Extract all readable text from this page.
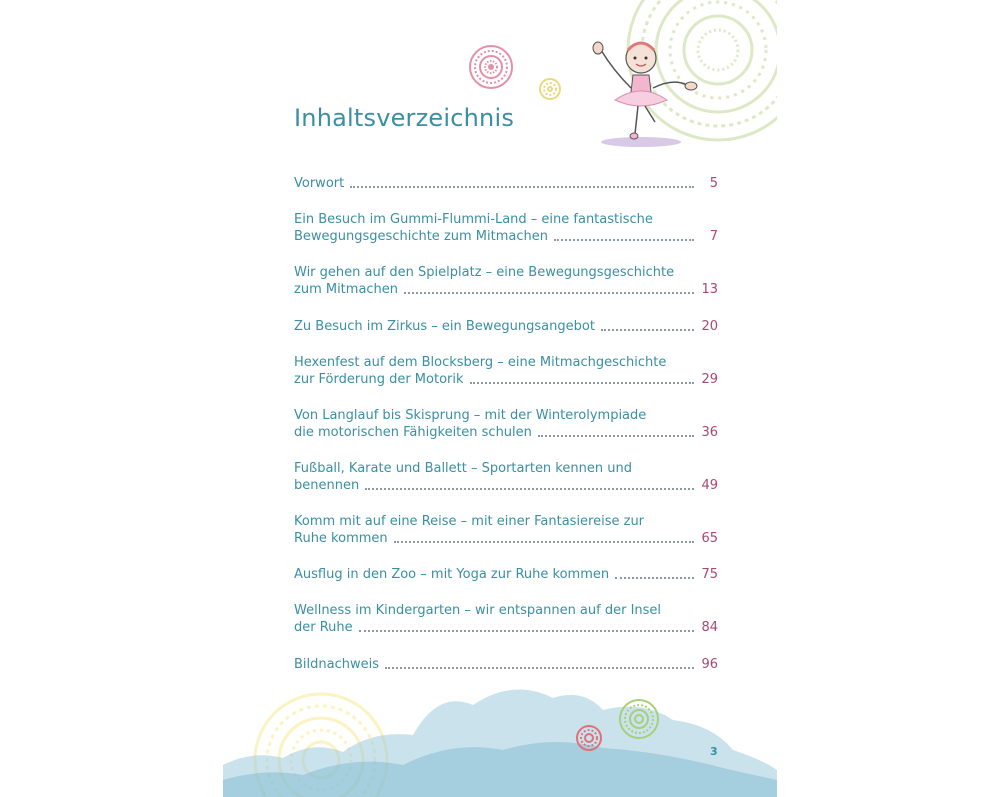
Inhaltsverzeichnis
Vorwort	5
Ein Besuch im Gummi-Flummi-Land – eine fantastische
Bewegungsgeschichte zum Mitmachen	7
Wir gehen auf den Spielplatz – eine Bewegungsgeschichte
zum Mitmachen	13
Zu Besuch im Zirkus – ein Bewegungsangebot	20
Hexenfest auf dem Blocksberg – eine Mitmachgeschichte
zur Förderung der Motorik	29
Von Langlauf bis Skisprung – mit der Winterolympiade
die motorischen Fähigkeiten schulen	36
Fußball, Karate und Ballett – Sportarten kennen und
benennen	49
Komm mit auf eine Reise – mit einer Fantasiereise zur
Ruhe kommen	65
Ausflug in den Zoo – mit Yoga zur Ruhe kommen	75
Wellness im Kindergarten – wir entspannen auf der Insel
der Ruhe	84
Bildnachweis	96
3
